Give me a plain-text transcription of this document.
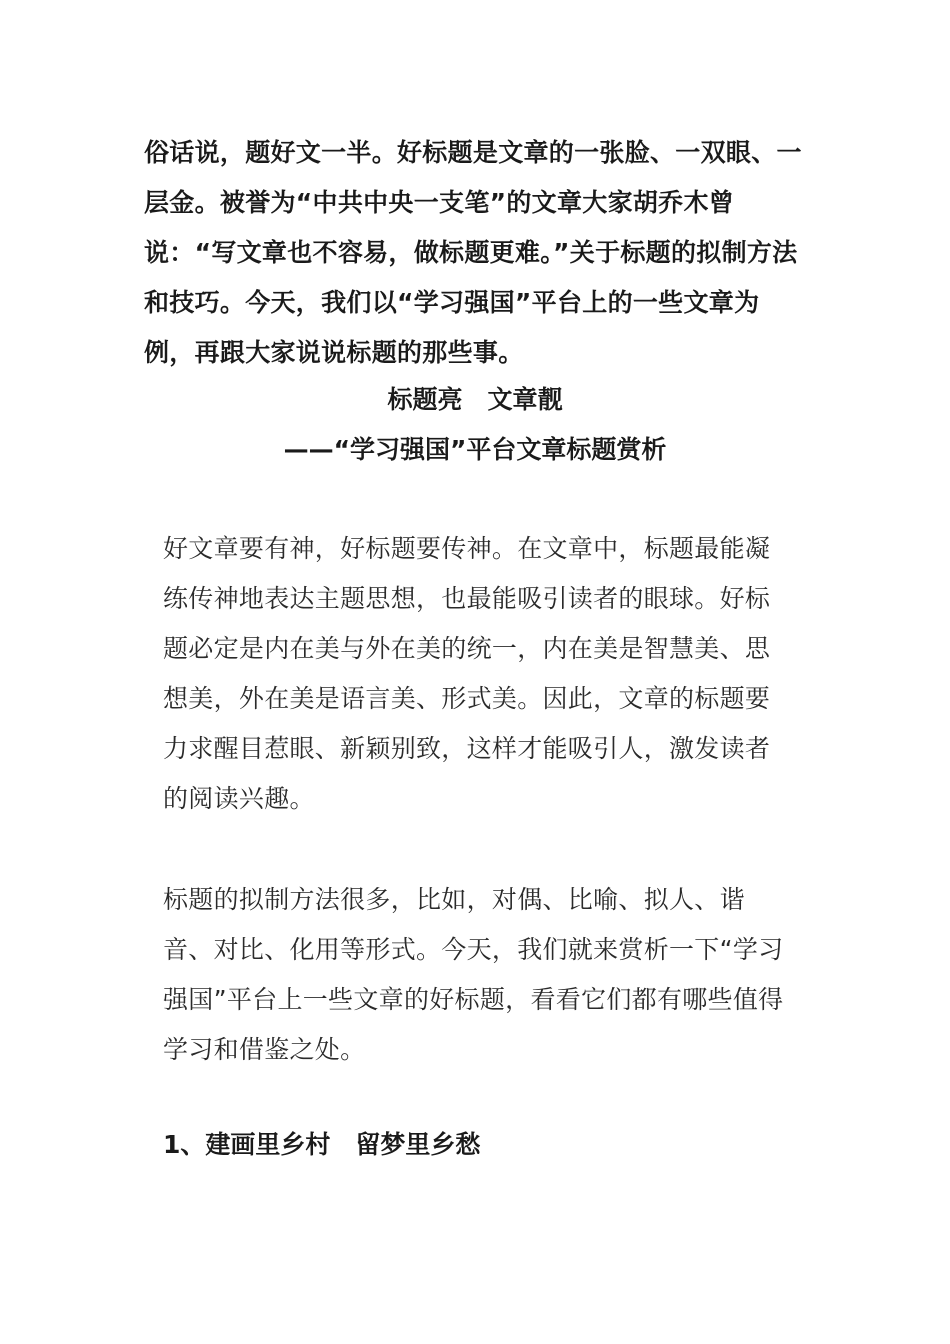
俗话说，题好文一半。好标题是文章的一张脸、一双眼、一层金。被誉为“中共中央一支笔”的文章大家胡乔木曾说：“写文章也不容易，做标题更难。”关于标题的拟制方法和技巧。今天，我们以“学习强国”平台上的一些文章为例，再跟大家说说标题的那些事。

标题亮　文章靓
——“学习强国”平台文章标题赏析

好文章要有神，好标题要传神。在文章中，标题最能凝练传神地表达主题思想，也最能吸引读者的眼球。好标题必定是内在美与外在美的统一，内在美是智慧美、思想美，外在美是语言美、形式美。因此，文章的标题要力求醒目惹眼、新颖别致，这样才能吸引人，激发读者的阅读兴趣。

标题的拟制方法很多，比如，对偶、比喻、拟人、谐音、对比、化用等形式。今天，我们就来赏析一下“学习强国”平台上一些文章的好标题，看看它们都有哪些值得学习和借鉴之处。

1、建画里乡村　留梦里乡愁
